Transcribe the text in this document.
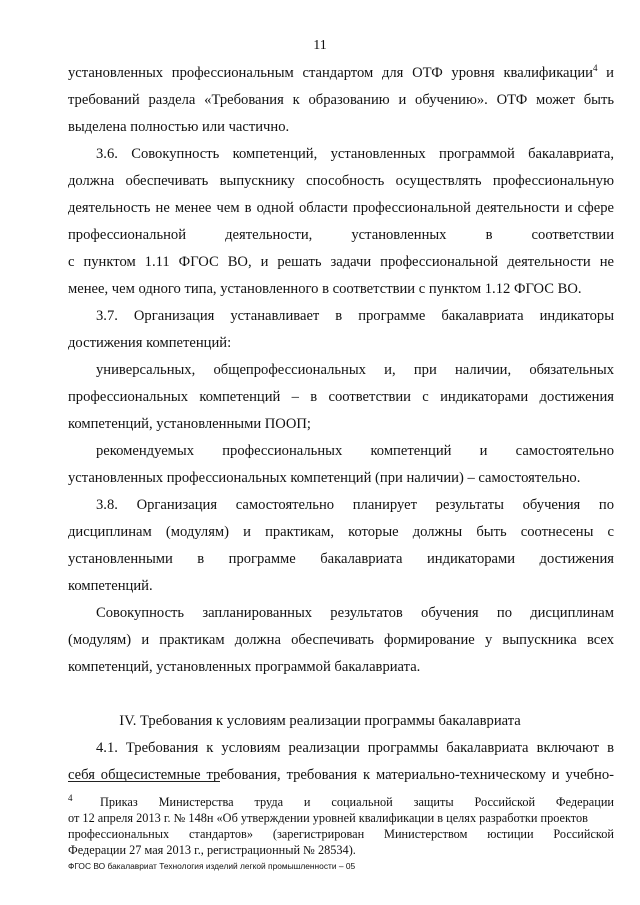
11
установленных профессиональным стандартом для ОТФ уровня квалификации$^4$ и
требований раздела «Требования к образованию и обучению». ОТФ может быть
выделена полностью или частично.
3.6. Совокупность компетенций, установленных программой бакалавриата,
должна обеспечивать выпускнику способность осуществлять профессиональную
деятельность не менее чем в одной области профессиональной деятельности и сфере
профессиональной деятельности, установленных в соответствии
с пунктом 1.11 ФГОС ВО, и решать задачи профессиональной деятельности не
менее, чем одного типа, установленного в соответствии с пунктом 1.12 ФГОС ВО.
3.7. Организация устанавливает в программе бакалавриата индикаторы
достижения компетенций:
универсальных, общепрофессиональных и, при наличии, обязательных
профессиональных компетенций – в соответствии с индикаторами достижения
компетенций, установленными ПООП;
рекомендуемых профессиональных компетенций и самостоятельно
установленных профессиональных компетенций (при наличии) – самостоятельно.
3.8. Организация самостоятельно планирует результаты обучения по
дисциплинам (модулям) и практикам, которые должны быть соотнесены с
установленными в программе бакалавриата индикаторами достижения
компетенций.
Совокупность запланированных результатов обучения по дисциплинам
(модулям) и практикам должна обеспечивать формирование у выпускника всех
компетенций, установленных программой бакалавриата.
IV. Требования к условиям реализации программы бакалавриата
4.1. Требования к условиям реализации программы бакалавриата включают в
себя общесистемные требования, требования к материально-техническому и учебно-
4 Приказ Министерства труда и социальной защиты Российской Федерации
от 12 апреля 2013 г. № 148н «Об утверждении уровней квалификации в целях разработки проектов
профессиональных стандартов» (зарегистрирован Министерством юстиции Российской
Федерации 27 мая 2013 г., регистрационный № 28534).
ФГОС ВО бакалавриат Технология изделий легкой промышленности – 05
